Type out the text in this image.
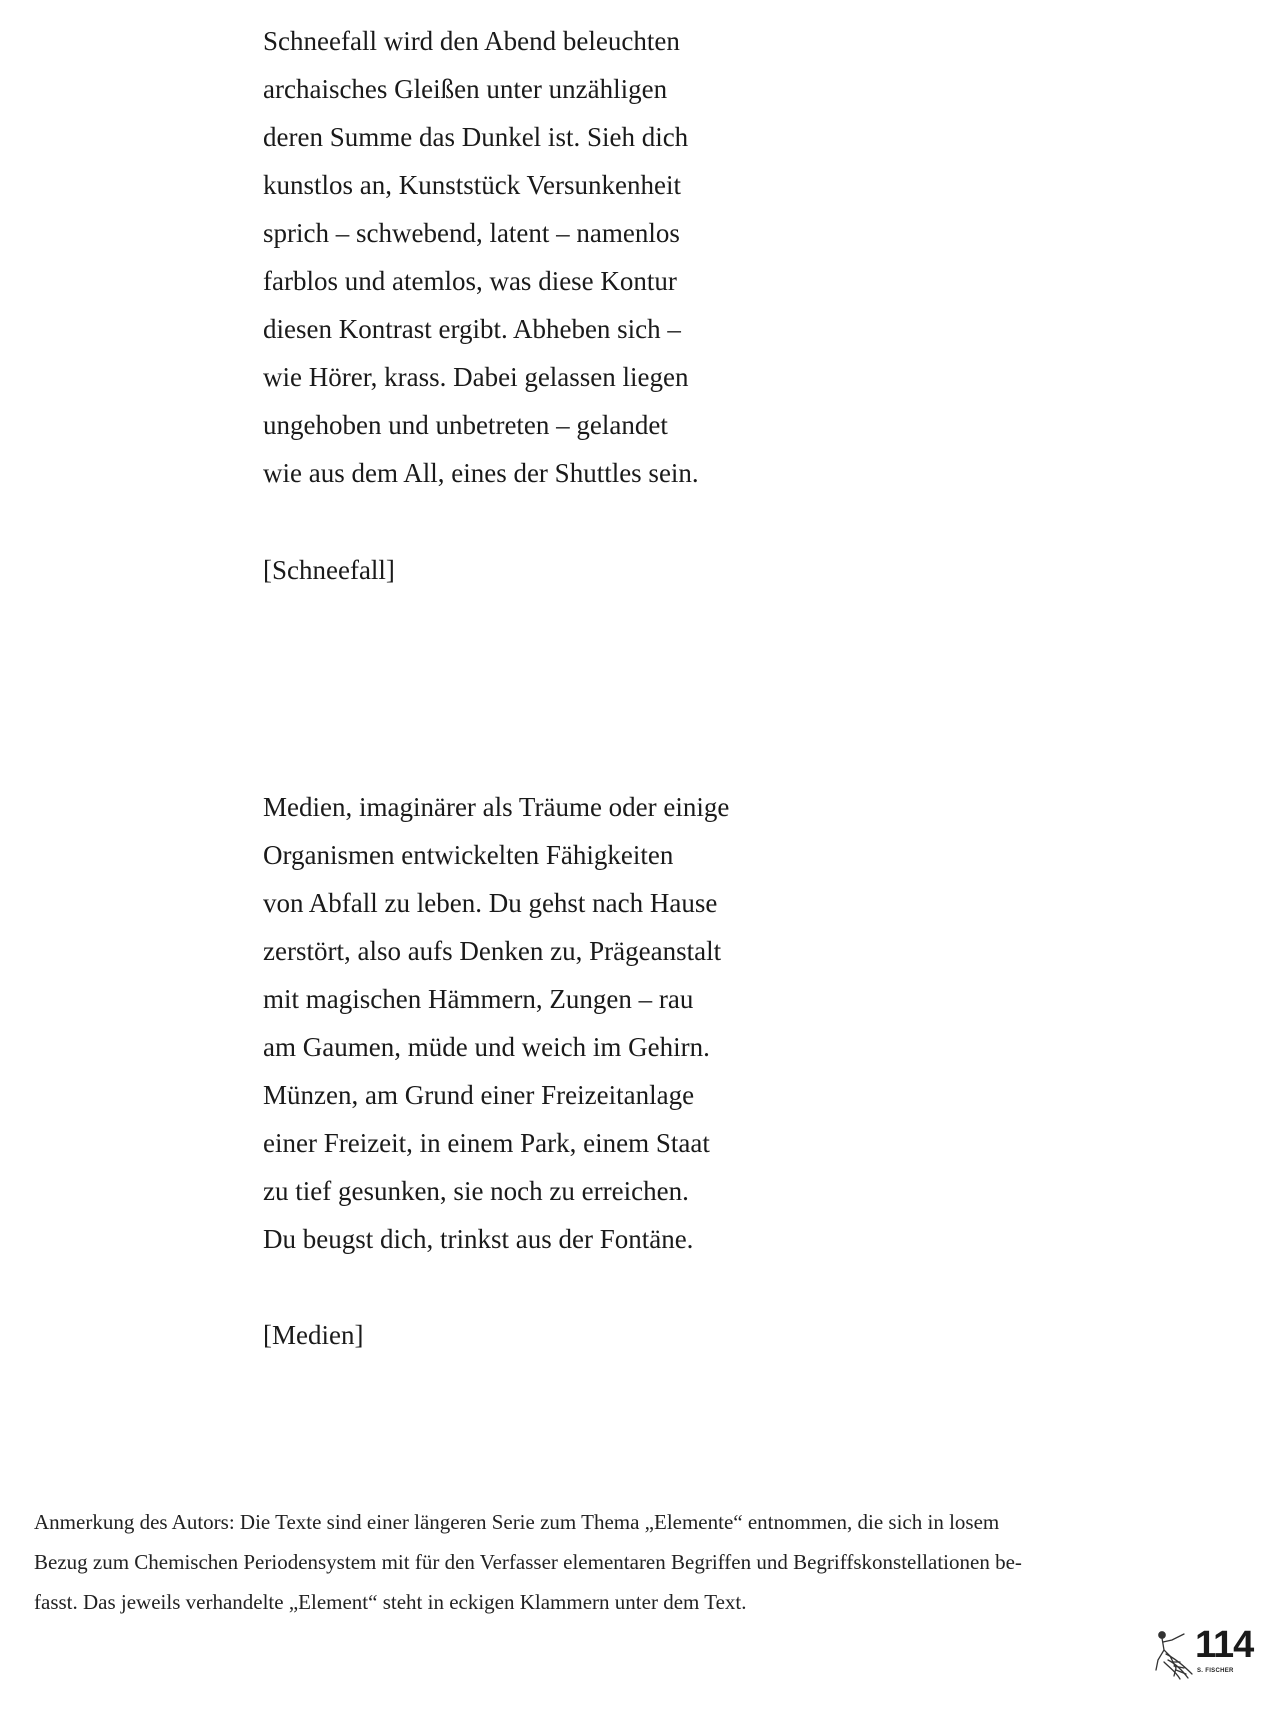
Schneefall wird den Abend beleuchten
archaisches Gleißen unter unzähligen
deren Summe das Dunkel ist. Sieh dich
kunstlos an, Kunststück Versunkenheit
sprich – schwebend, latent – namenlos
farblos und atemlos, was diese Kontur
diesen Kontrast ergibt. Abheben sich –
wie Hörer, krass. Dabei gelassen liegen
ungehoben und unbetreten – gelandet
wie aus dem All, eines der Shuttles sein.
[Schneefall]
Medien, imaginärer als Träume oder einige
Organismen entwickelten Fähigkeiten
von Abfall zu leben. Du gehst nach Hause
zerstört, also aufs Denken zu, Prägeanstalt
mit magischen Hämmern, Zungen – rau
am Gaumen, müde und weich im Gehirn.
Münzen, am Grund einer Freizeitanlage
einer Freizeit, in einem Park, einem Staat
zu tief gesunken, sie noch zu erreichen.
Du beugst dich, trinkst aus der Fontäne.
[Medien]
Anmerkung des Autors: Die Texte sind einer längeren Serie zum Thema „Elemente“ entnommen, die sich in losem
Bezug zum Chemischen Periodensystem mit für den Verfasser elementaren Begriffen und Begriffskonstellationen be-
fasst. Das jeweils verhandelte „Element“ steht in eckigen Klammern unter dem Text.
114
S. FISCHER
